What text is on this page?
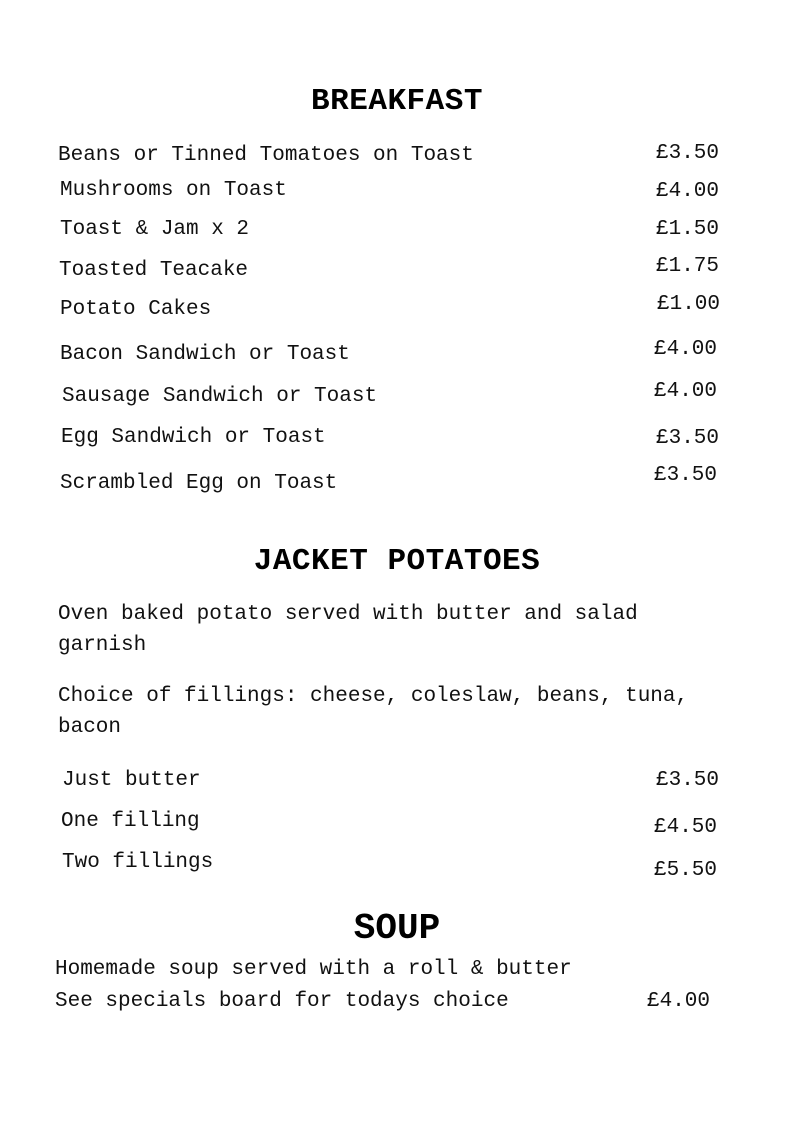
BREAKFAST
Beans or Tinned Tomatoes on Toast	£3.50
Mushrooms on Toast	£4.00
Toast & Jam x 2	£1.50
Toasted Teacake	£1.75
Potato Cakes	£1.00
Bacon Sandwich or Toast	£4.00
Sausage Sandwich or Toast	£4.00
Egg Sandwich or Toast	£3.50
Scrambled Egg on Toast	£3.50
JACKET POTATOES
Oven baked potato served with butter and salad garnish
Choice of fillings: cheese, coleslaw, beans, tuna, bacon
Just butter	£3.50
One filling	£4.50
Two fillings	£5.50
SOUP
Homemade soup served with a roll & butter
See specials board for todays choice	£4.00
